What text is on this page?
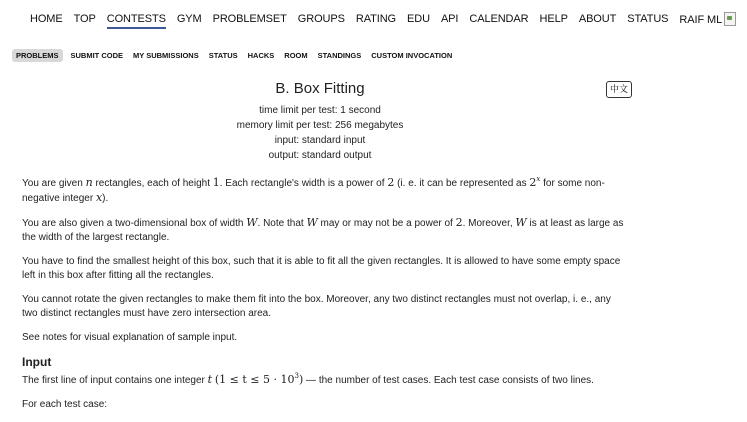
HOME TOP CONTESTS GYM PROBLEMSET GROUPS RATING EDU API CALENDAR HELP ABOUT STATUS RAIF ML
PROBLEMS	SUBMIT CODE MY SUBMISSIONS STATUS HACKS ROOM STANDINGS CUSTOM INVOCATION
中文
B. Box Fitting
time limit per test: 1 second
memory limit per test: 256 megabytes
input: standard input
output: standard output

You are given n rectangles, each of height 1. Each rectangle's width is a power of 2 (i. e. it can be represented as 2$^x$ for some non-negative integer x).

You are also given a two-dimensional box of width W. Note that W may or may not be a power of 2. Moreover, W is at least as large as the width of the largest rectangle.

You have to find the smallest height of this box, such that it is able to fit all the given rectangles. It is allowed to have some empty space left in this box after fitting all the rectangles.

You cannot rotate the given rectangles to make them fit into the box. Moreover, any two distinct rectangles must not overlap, i. e., any two distinct rectangles must have zero intersection area.

See notes for visual explanation of sample input.

Input

The first line of input contains one integer t $(1 \le t \le 5 \cdot 10^3)$ — the number of test cases. Each test case consists of two lines.

For each test case:
